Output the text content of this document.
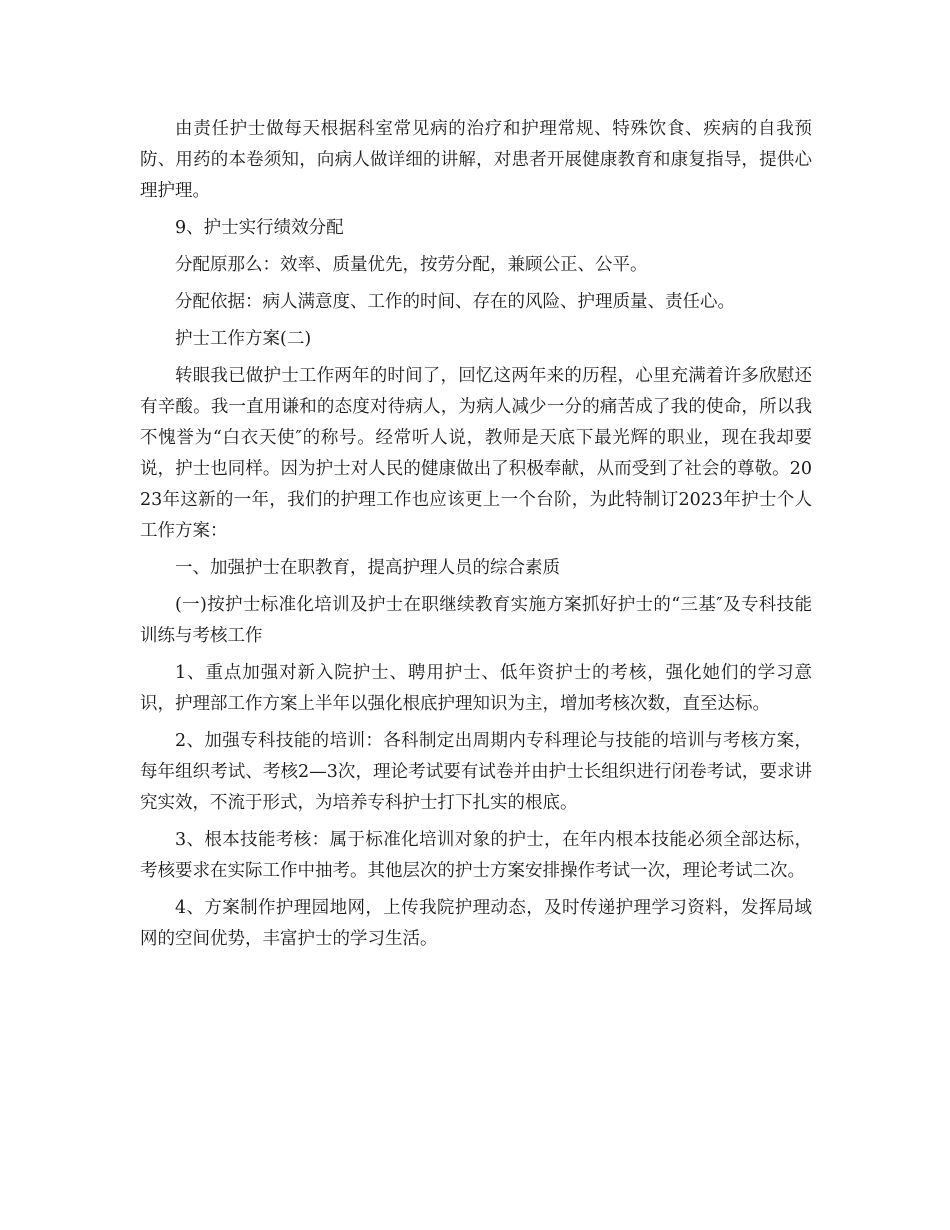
由责任护士做每天根据科室常见病的治疗和护理常规、特殊饮食、疾病的自我预防、用药的本卷须知，向病人做详细的讲解，对患者开展健康教育和康复指导，提供心理护理。

9、护士实行绩效分配

分配原那么：效率、质量优先，按劳分配，兼顾公正、公平。

分配依据：病人满意度、工作的时间、存在的风险、护理质量、责任心。

护士工作方案(二)

转眼我已做护士工作两年的时间了，回忆这两年来的历程，心里充满着许多欣慰还有辛酸。我一直用谦和的态度对待病人，为病人减少一分的痛苦成了我的使命，所以我不愧誉为“白衣天使″的称号。经常听人说，教师是天底下最光辉的职业，现在我却要说，护士也同样。因为护士对人民的健康做出了积极奉献，从而受到了社会的尊敬。2023年这新的一年，我们的护理工作也应该更上一个台阶，为此特制订2023年护士个人工作方案：

一、加强护士在职教育，提高护理人员的综合素质

(一)按护士标准化培训及护士在职继续教育实施方案抓好护士的“三基″及专科技能训练与考核工作

1、重点加强对新入院护士、聘用护士、低年资护士的考核，强化她们的学习意识，护理部工作方案上半年以强化根底护理知识为主，增加考核次数，直至达标。

2、加强专科技能的培训：各科制定出周期内专科理论与技能的培训与考核方案，每年组织考试、考核2—3次，理论考试要有试卷并由护士长组织进行闭卷考试，要求讲究实效，不流于形式，为培养专科护士打下扎实的根底。

3、根本技能考核：属于标准化培训对象的护士，在年内根本技能必须全部达标，考核要求在实际工作中抽考。其他层次的护士方案安排操作考试一次，理论考试二次。

4、方案制作护理园地网，上传我院护理动态，及时传递护理学习资料，发挥局域网的空间优势，丰富护士的学习生活。
